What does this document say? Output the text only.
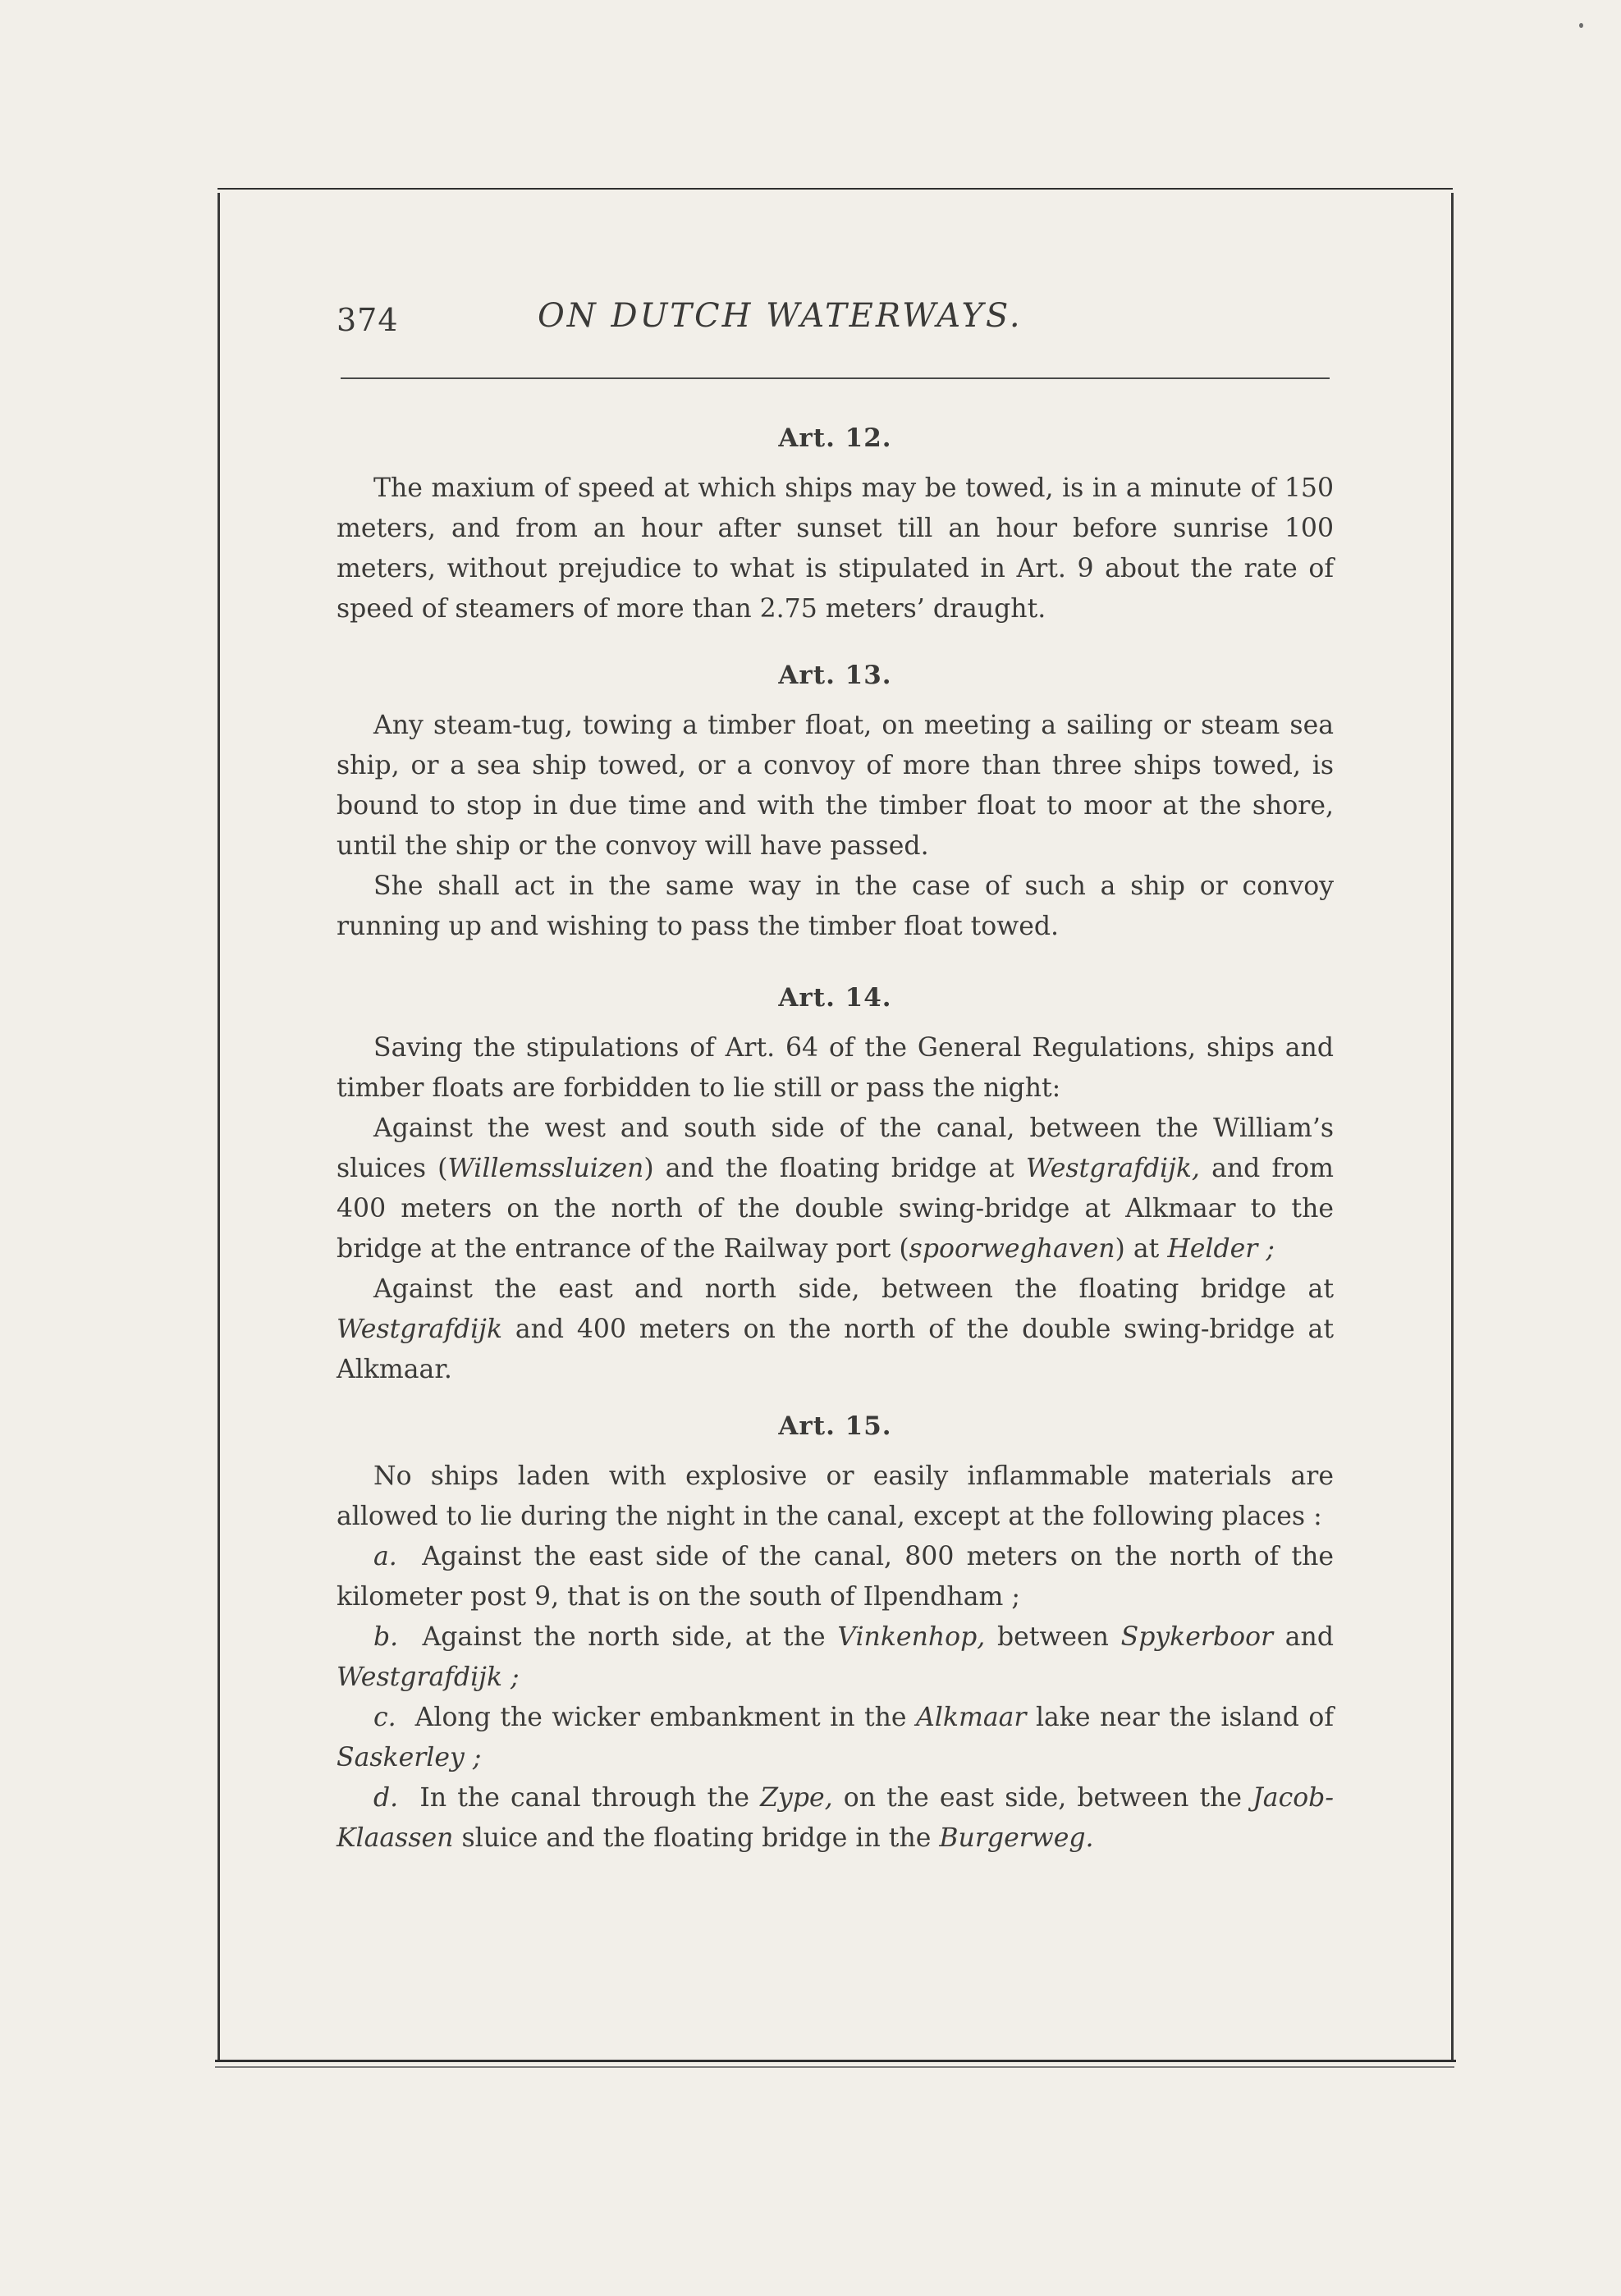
374	ON DUTCH WATERWAYS.
Art. 12.

The maxium of speed at which ships may be towed, is in a minute of 150 meters, and from an hour after sunset till an hour before sunrise 100 meters, without prejudice to what is stipulated in Art. 9 about the rate of speed of steamers of more than 2.75 meters’ draught.

Art. 13.

Any steam-tug, towing a timber float, on meeting a sailing or steam sea ship, or a sea ship towed, or a convoy of more than three ships towed, is bound to stop in due time and with the timber float to moor at the shore, until the ship or the convoy will have passed.

She shall act in the same way in the case of such a ship or convoy running up and wishing to pass the timber float towed.

Art. 14.

Saving the stipulations of Art. 64 of the General Regulations, ships and timber floats are forbidden to lie still or pass the night:

Against the west and south side of the canal, between the William’s sluices (Willemssluizen) and the floating bridge at Westgrafdijk, and from 400 meters on the north of the double swing-bridge at Alkmaar to the bridge at the entrance of the Railway port (spoorweghaven) at Helder ;

Against the east and north side, between the floating bridge at Westgrafdijk and 400 meters on the north of the double swing-bridge at Alkmaar.

Art. 15.

No ships laden with explosive or easily inflammable materials are allowed to lie during the night in the canal, except at the following places :

a. Against the east side of the canal, 800 meters on the north of the kilometer post 9, that is on the south of Ilpendham ;

b. Against the north side, at the Vinkenhop, between Spykerboor and Westgrafdijk ;

c. Along the wicker embankment in the Alkmaar lake near the island of Saskerley ;

d. In the canal through the Zype, on the east side, between the Jacob-Klaassen sluice and the floating bridge in the Burgerweg.
